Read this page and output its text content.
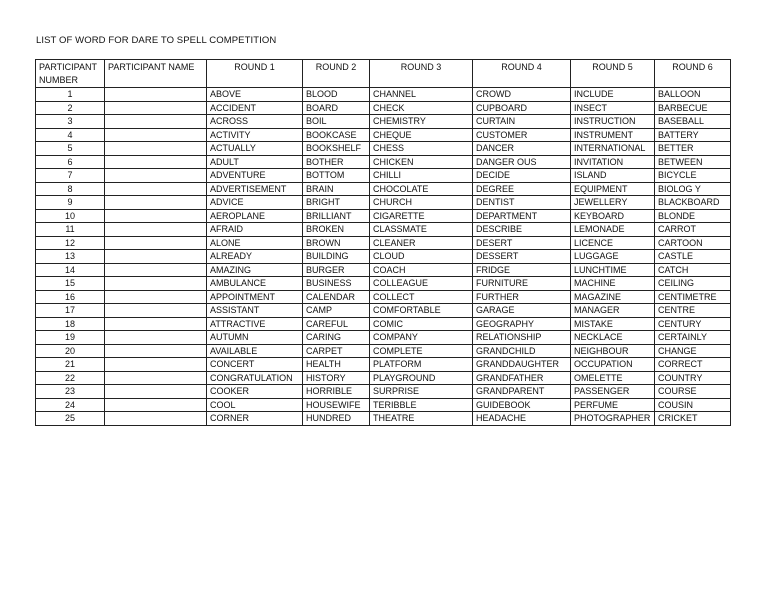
LIST OF WORD FOR DARE TO SPELL COMPETITION
PARTICIPANT NUMBER	PARTICIPANT NAME	ROUND 1	ROUND 2	ROUND 3	ROUND 4	ROUND 5	ROUND 6
1		ABOVE	BLOOD	CHANNEL	CROWD	INCLUDE	BALLOON
2		ACCIDENT	BOARD	CHECK	CUPBOARD	INSECT	BARBECUE
3		ACROSS	BOIL	CHEMISTRY	CURTAIN	INSTRUCTION	BASEBALL
4		ACTIVITY	BOOKCASE	CHEQUE	CUSTOMER	INSTRUMENT	BATTERY
5		ACTUALLY	BOOKSHELF	CHESS	DANCER	INTERNATIONAL	BETTER
6		ADULT	BOTHER	CHICKEN	DANGER OUS	INVITATION	BETWEEN
7		ADVENTURE	BOTTOM	CHILLI	DECIDE	ISLAND	BICYCLE
8		ADVERTISEMENT	BRAIN	CHOCOLATE	DEGREE	EQUIPMENT	BIOLOG Y
9		ADVICE	BRIGHT	CHURCH	DENTIST	JEWELLERY	BLACKBOARD
10		AEROPLANE	BRILLIANT	CIGARETTE	DEPARTMENT	KEYBOARD	BLONDE
11		AFRAID	BROKEN	CLASSMATE	DESCRIBE	LEMONADE	CARROT
12		ALONE	BROWN	CLEANER	DESERT	LICENCE	CARTOON
13		ALREADY	BUILDING	CLOUD	DESSERT	LUGGAGE	CASTLE
14		AMAZING	BURGER	COACH	FRIDGE	LUNCHTIME	CATCH
15		AMBULANCE	BUSINESS	COLLEAGUE	FURNITURE	MACHINE	CEILING
16		APPOINTMENT	CALENDAR	COLLECT	FURTHER	MAGAZINE	CENTIMETRE
17		ASSISTANT	CAMP	COMFORTABLE	GARAGE	MANAGER	CENTRE
18		ATTRACTIVE	CAREFUL	COMIC	GEOGRAPHY	MISTAKE	CENTURY
19		AUTUMN	CARING	COMPANY	RELATIONSHIP	NECKLACE	CERTAINLY
20		AVAILABLE	CARPET	COMPLETE	GRANDCHILD	NEIGHBOUR	CHANGE
21		CONCERT	HEALTH	PLATFORM	GRANDDAUGHTER	OCCUPATION	CORRECT
22		CONGRATULATION	HISTORY	PLAYGROUND	GRANDFATHER	OMELETTE	COUNTRY
23		COOKER	HORRIBLE	SURPRISE	GRANDPARENT	PASSENGER	COURSE
24		COOL	HOUSEWIFE	TERIBBLE	GUIDEBOOK	PERFUME	COUSIN
25		CORNER	HUNDRED	THEATRE	HEADACHE	PHOTOGRAPHER	CRICKET
